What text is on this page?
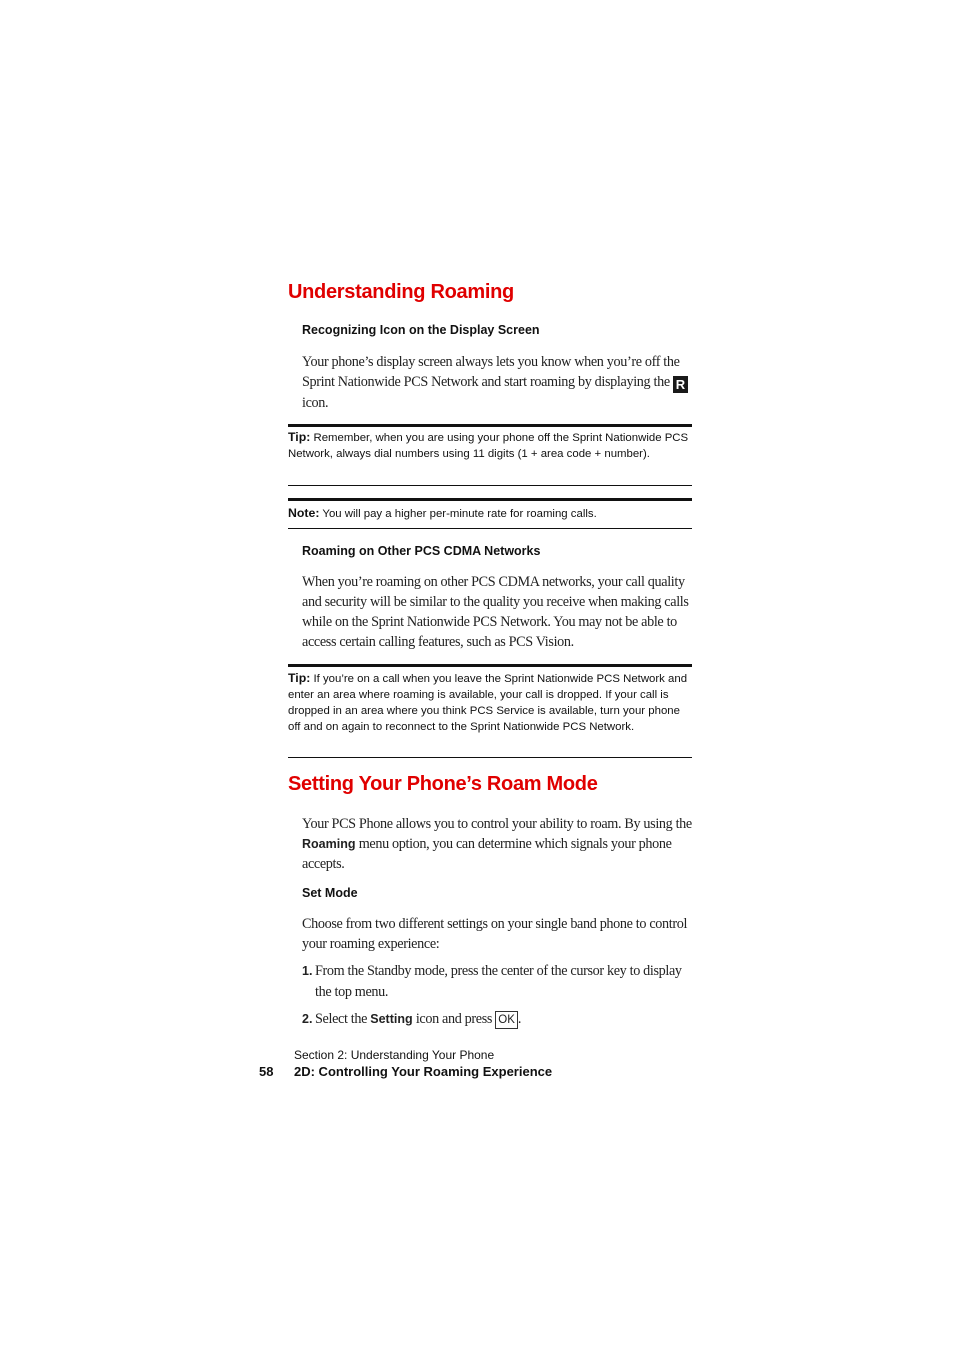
Understanding Roaming
Recognizing Icon on the Display Screen
Your phone’s display screen always lets you know when you’re off the Sprint Nationwide PCS Network and start roaming by displaying the R icon.
Tip: Remember, when you are using your phone off the Sprint Nationwide PCS Network, always dial numbers using 11 digits (1 + area code + number).
Note: You will pay a higher per-minute rate for roaming calls.
Roaming on Other PCS CDMA Networks
When you’re roaming on other PCS CDMA networks, your call quality and security will be similar to the quality you receive when making calls while on the Sprint Nationwide PCS Network. You may not be able to access certain calling features, such as PCS Vision.
Tip: If you’re on a call when you leave the Sprint Nationwide PCS Network and enter an area where roaming is available, your call is dropped. If your call is dropped in an area where you think PCS Service is available, turn your phone off and on again to reconnect to the Sprint Nationwide PCS Network.
Setting Your Phone’s Roam Mode
Your PCS Phone allows you to control your ability to roam. By using the Roaming menu option, you can determine which signals your phone accepts.
Set Mode
Choose from two different settings on your single band phone to control your roaming experience:
1. From the Standby mode, press the center of the cursor key to display the top menu.
2. Select the Setting icon and press OK .
Section 2: Understanding Your Phone
58 2D: Controlling Your Roaming Experience
